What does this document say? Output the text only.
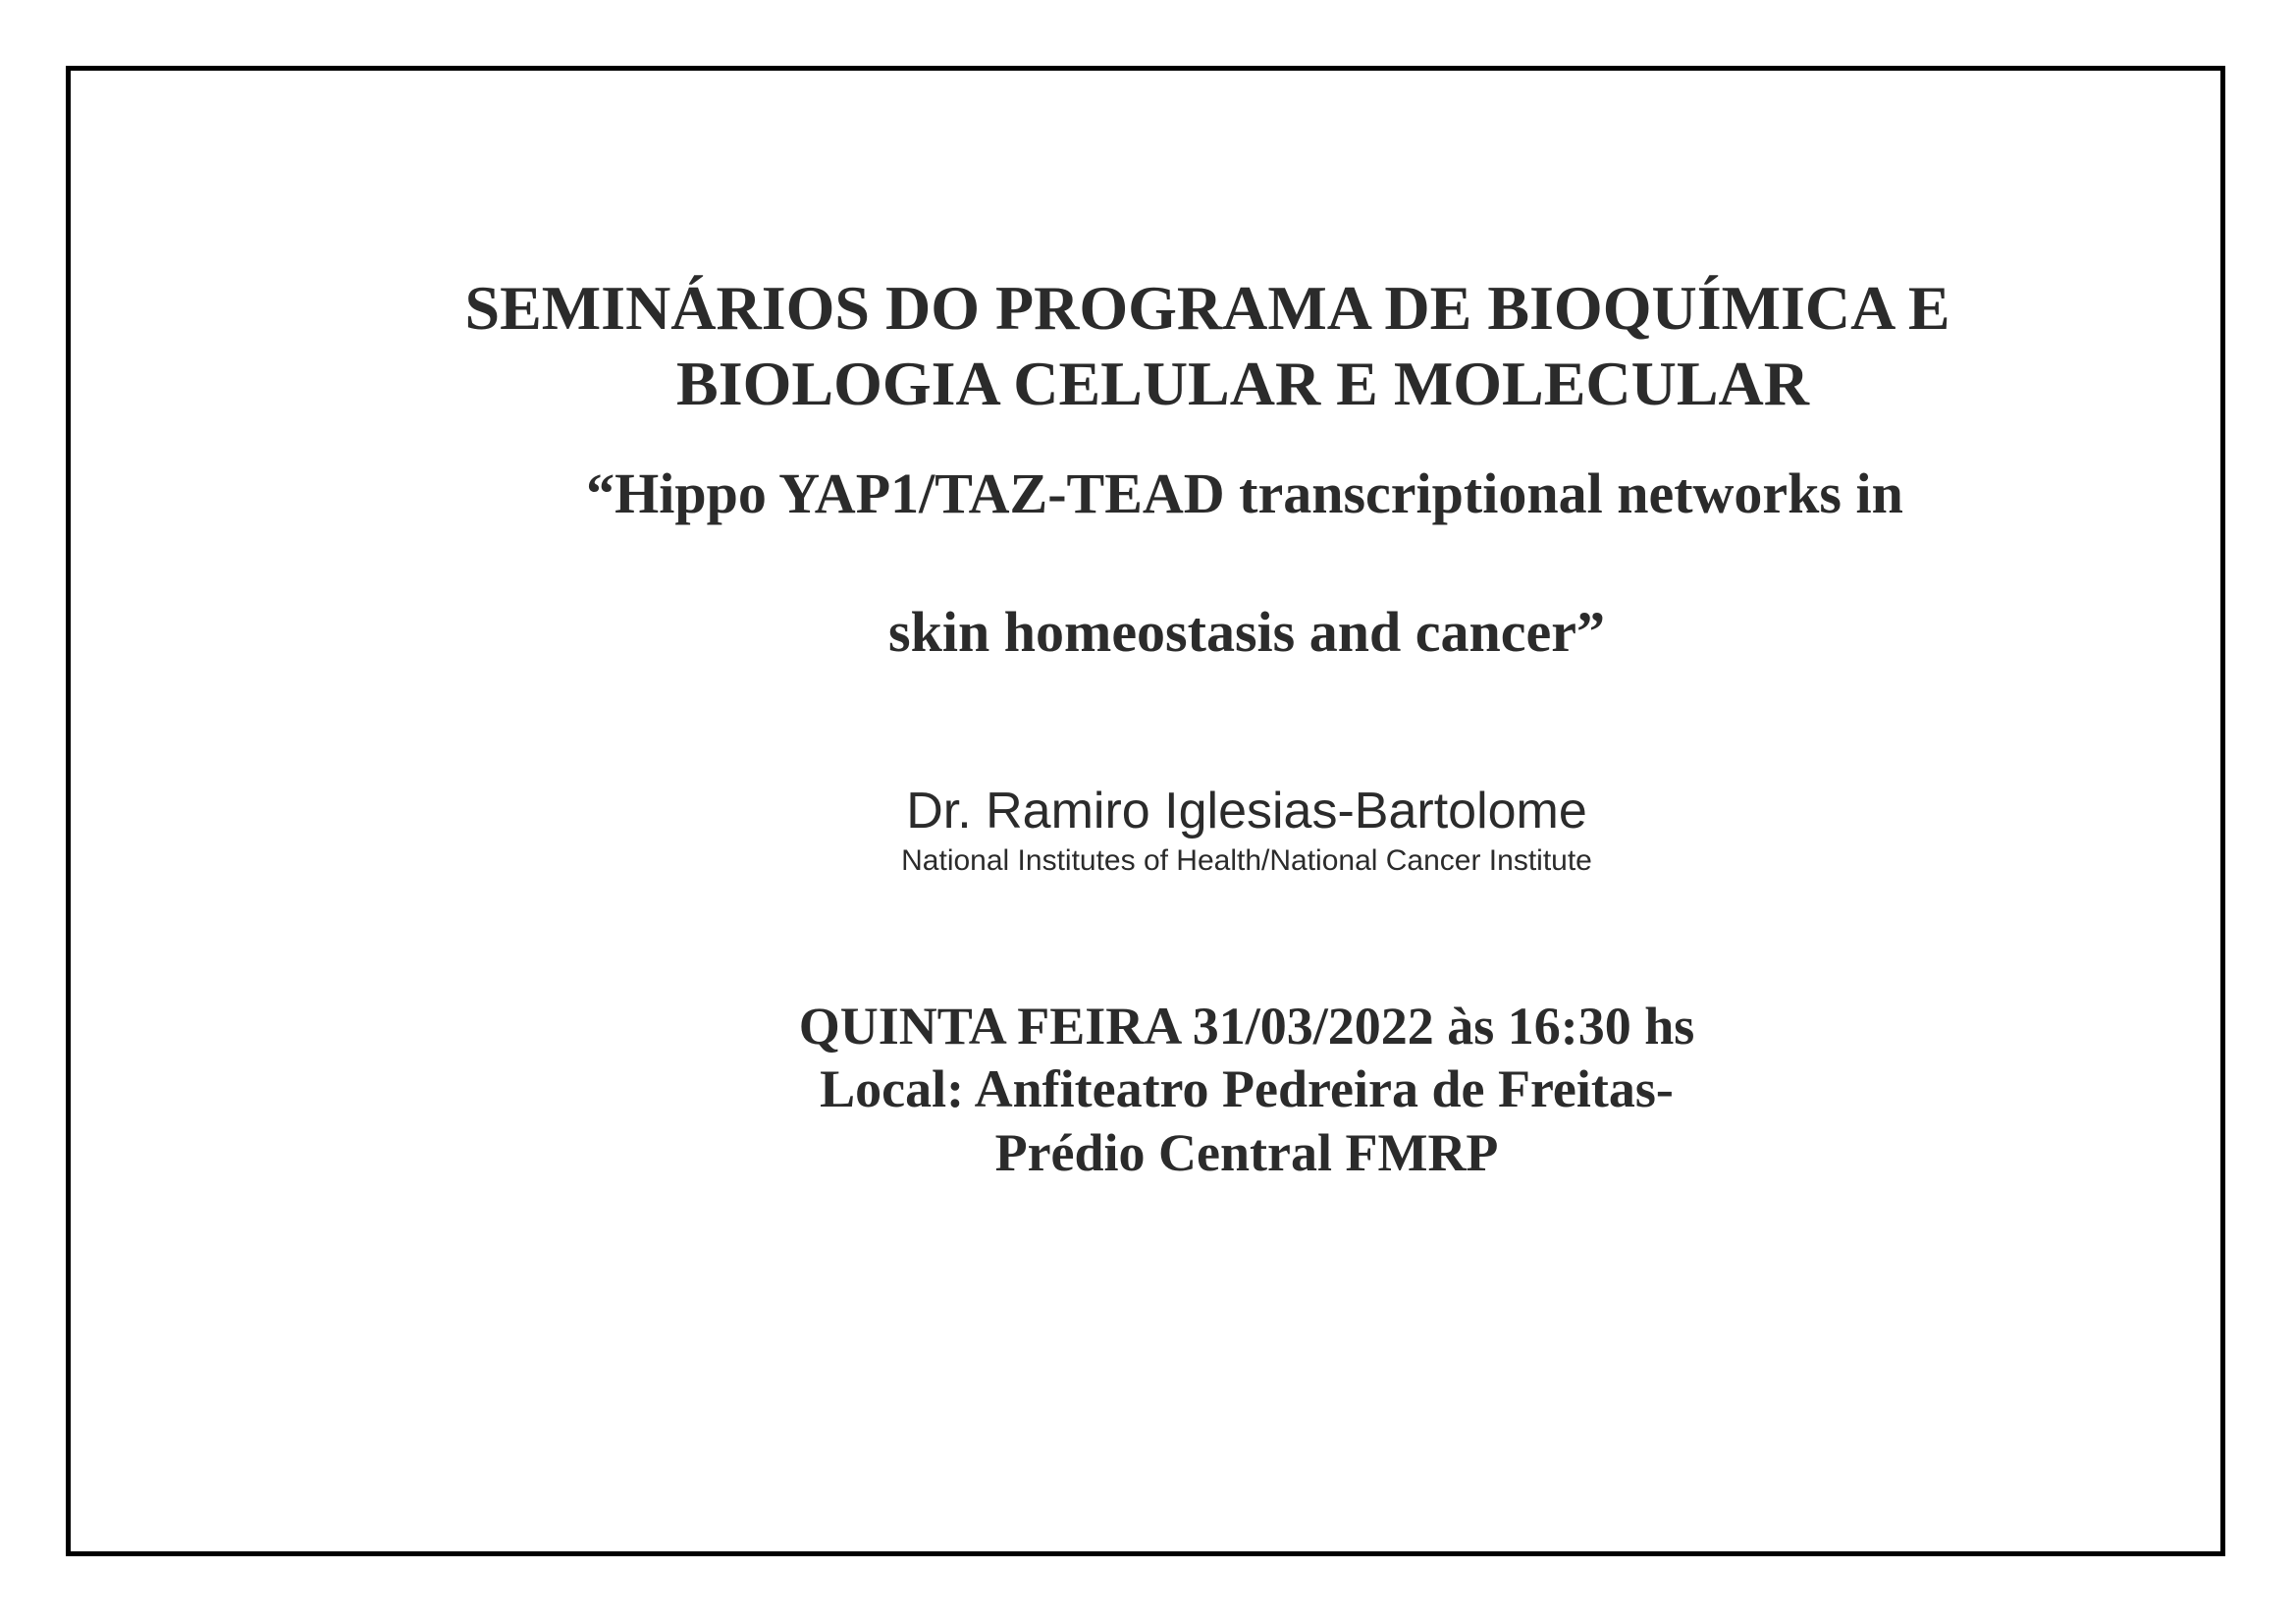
SEMINÁRIOS DO PROGRAMA DE BIOQUÍMICA E
BIOLOGIA CELULAR E MOLECULAR
“Hippo YAP1/TAZ-TEAD transcriptional networks in
skin homeostasis and cancer”
Dr. Ramiro Iglesias-Bartolome
National Institutes of Health/National Cancer Institute
QUINTA FEIRA 31/03/2022 às 16:30 hs
Local: Anfiteatro Pedreira de Freitas-
Prédio Central FMRP
